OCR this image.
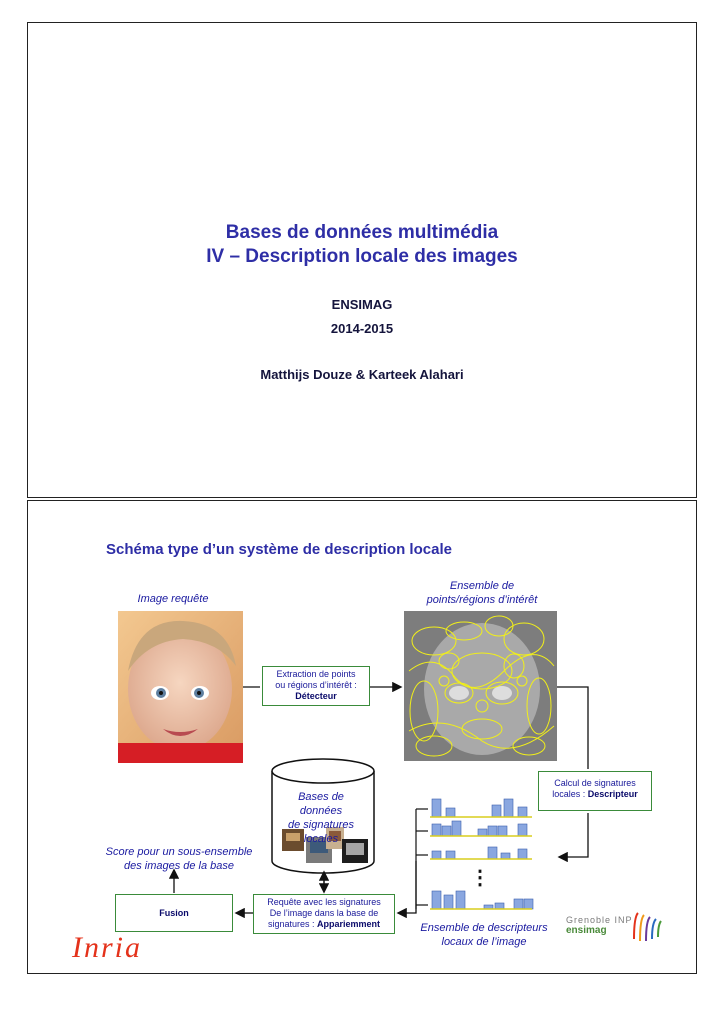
Bases de données multimédia
IV – Description locale des images
ENSIMAG
2014-2015
Matthijs Douze & Karteek Alahari
Schéma type d’un système de description locale
Image requête
Ensemble de
points/régions d’intérêt
Extraction de points
ou régions d’intérêt :
Détecteur
Calcul de signatures
locales : Descripteur
Bases de données
de signatures
locales
Score pour un sous-ensemble
des images de la base
Fusion
Requête avec les signatures
De l’image dans la base de
signatures : Appariemment
⋮
Ensemble de descripteurs
locaux de l’image
Inria
Grenoble INP
ensimag
